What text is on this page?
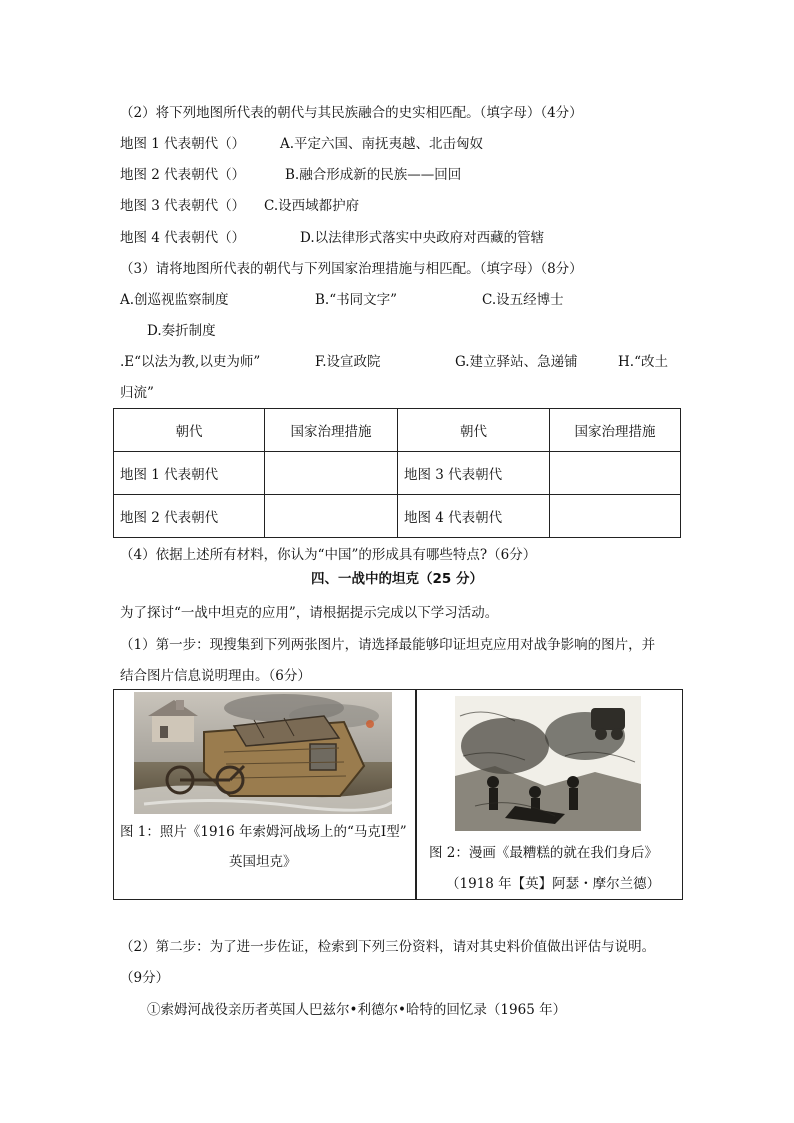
（2）将下列地图所代表的朝代与其民族融合的史实相匹配。（填字母）（4分）
地图 1 代表朝代（）	A.平定六国、南抚夷越、北击匈奴
地图 2 代表朝代（）	B.融合形成新的民族——回回
地图 3 代表朝代（） C.设西域都护府
地图 4 代表朝代（）	D.以法律形式落实中央政府对西藏的管辖
（3）请将地图所代表的朝代与下列国家治理措施与相匹配。（填字母）（8分）
A.创巡视监察制度	B.“书同文字”	C.设五经博士
D.奏折制度
.E“以法为教,以吏为师”	F.设宣政院	G.建立驿站、急递铺	H.“改土
归流”
朝代	国家治理措施	朝代	国家治理措施
地图 1 代表朝代		地图 3 代表朝代	
地图 2 代表朝代		地图 4 代表朝代	
（4）依据上述所有材料，你认为“中国”的形成具有哪些特点?（6分）
四、一战中的坦克（25 分）
为了探讨“一战中坦克的应用”，请根据提示完成以下学习活动。
（1）第一步：现搜集到下列两张图片，请选择最能够印证坦克应用对战争影响的图片，并
结合图片信息说明理由。（6分）
图 1：照片《1916 年索姆河战场上的“马克Ⅰ型”
英国坦克》
图 2：漫画《最糟糕的就在我们身后》
（1918 年【英】阿瑟・摩尔兰德）
（2）第二步：为了进一步佐证，检索到下列三份资料，请对其史料价值做出评估与说明。
（9分）
①索姆河战役亲历者英国人巴兹尔•利德尔•哈特的回忆录（1965 年）
